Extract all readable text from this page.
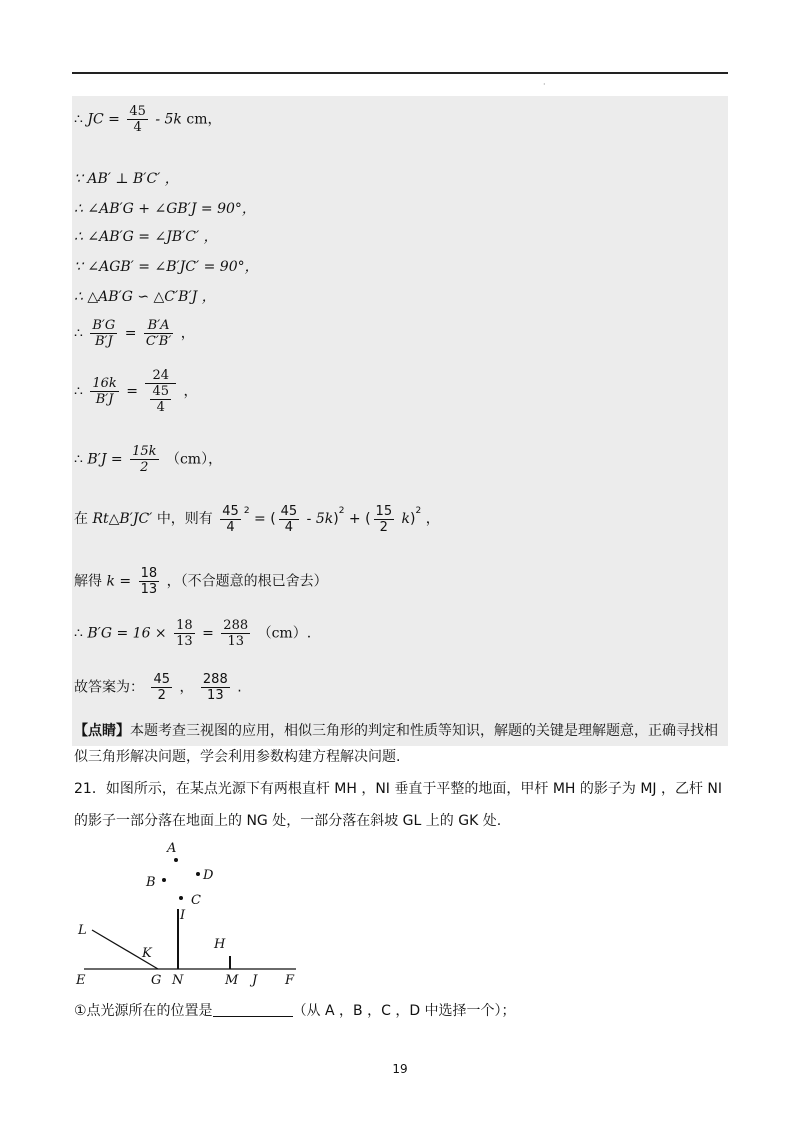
·
∴ JC = $\frac{45}{4} - 5k$ cm，
∵ AB′ ⊥ B′C′ ，
∴ ∠AB′G + ∠GB′J = 90°，
∴ ∠AB′G = ∠JB′C′ ，
∵ ∠AGB′ = ∠B′JC′ = 90°，
∴ △AB′G ∽ △C′B′J ，
∴ $\frac{B'G}{B'J} = \frac{B'A}{C'B'}$ ，
∴ $\frac{16k}{B'J} = \frac{24}{\frac{45}{4}}$ ，
∴ $B'J = \frac{15k}{2} (cm)$，
在 Rt△B′JC′ 中，则有 $\frac{45}{4} ^2$ = ( $\frac{45}{4} - 5k)^2$ + ( $\frac{15}{2} k)^2$ ，
解得 $k = \frac{18}{13}$ ，（不合题意的根已舍去）
∴ $B'G = 16 \times \frac{18}{13} = \frac{288}{13} (cm)$.
故答案为： $\frac{45}{2}$ ， $\frac{288}{13}$ .
【点睛】本题考查三视图的应用，相似三角形的判定和性质等知识，解题的关键是理解题意，正确寻找相似三角形解决问题，学会利用参数构建方程解决问题.
21．如图所示，在某点光源下有两根直杆 MH ，NI 垂直于平整的地面，甲杆 MH 的影子为 MJ ，乙杆 NI
的影子一部分落在地面上的 NG 处，一部分落在斜坡 GL 上的 GK 处.
A
B	D
C
I
H
L
K
E	G N	M J F
①点光源所在的位置是	（从 A ，B ，C ，D 中选择一个）；
19
